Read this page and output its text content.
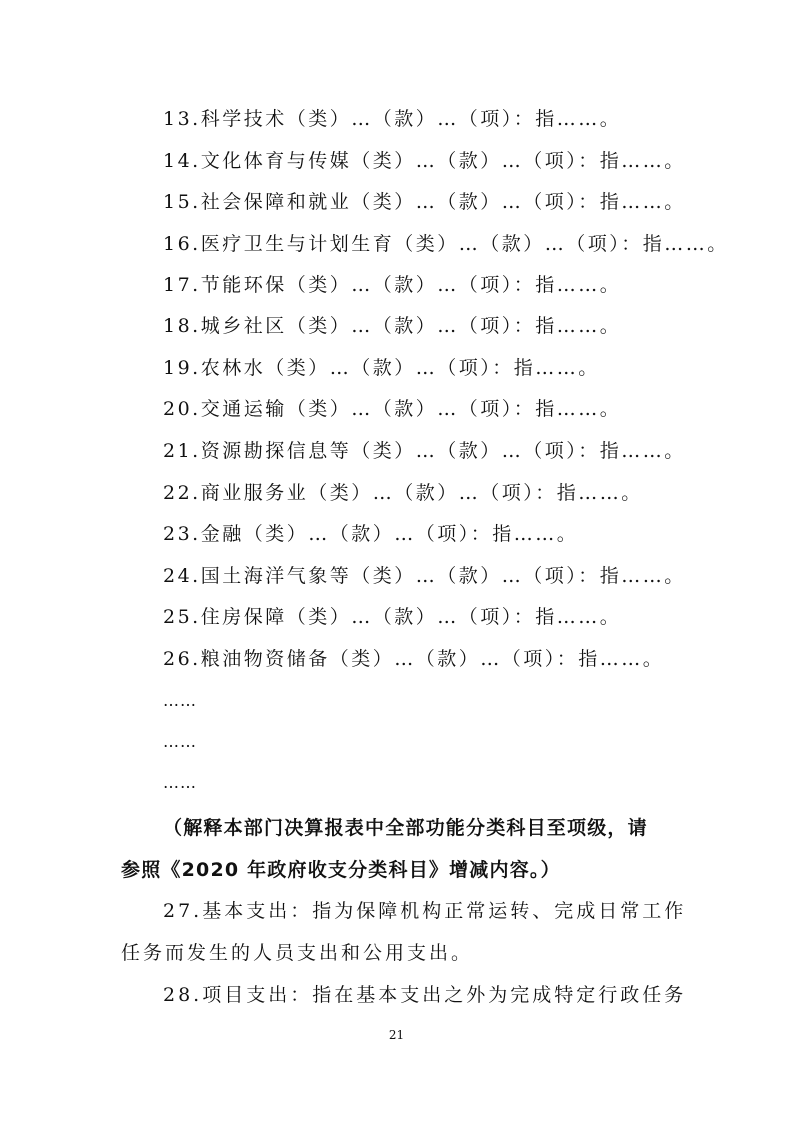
13.科学技术（类）…（款）…（项）：指……。
14.文化体育与传媒（类）…（款）…（项）：指……。
15.社会保障和就业（类）…（款）…（项）：指……。
16.医疗卫生与计划生育（类）…（款）…（项）：指……。
17.节能环保（类）…（款）…（项）：指……。
18.城乡社区（类）…（款）…（项）：指……。
19.农林水（类）…（款）…（项）：指……。
20.交通运输（类）…（款）…（项）：指……。
21.资源勘探信息等（类）…（款）…（项）：指……。
22.商业服务业（类）…（款）…（项）：指……。
23.金融（类）…（款）…（项）：指……。
24.国土海洋气象等（类）…（款）…（项）：指……。
25.住房保障（类）…（款）…（项）：指……。
26.粮油物资储备（类）…（款）…（项）：指……。
……
……
……
（解释本部门决算报表中全部功能分类科目至项级，请
参照《2020 年政府收支分类科目》增减内容。）
27.基本支出：指为保障机构正常运转、完成日常工作
任务而发生的人员支出和公用支出。
28.项目支出：指在基本支出之外为完成特定行政任务
21
